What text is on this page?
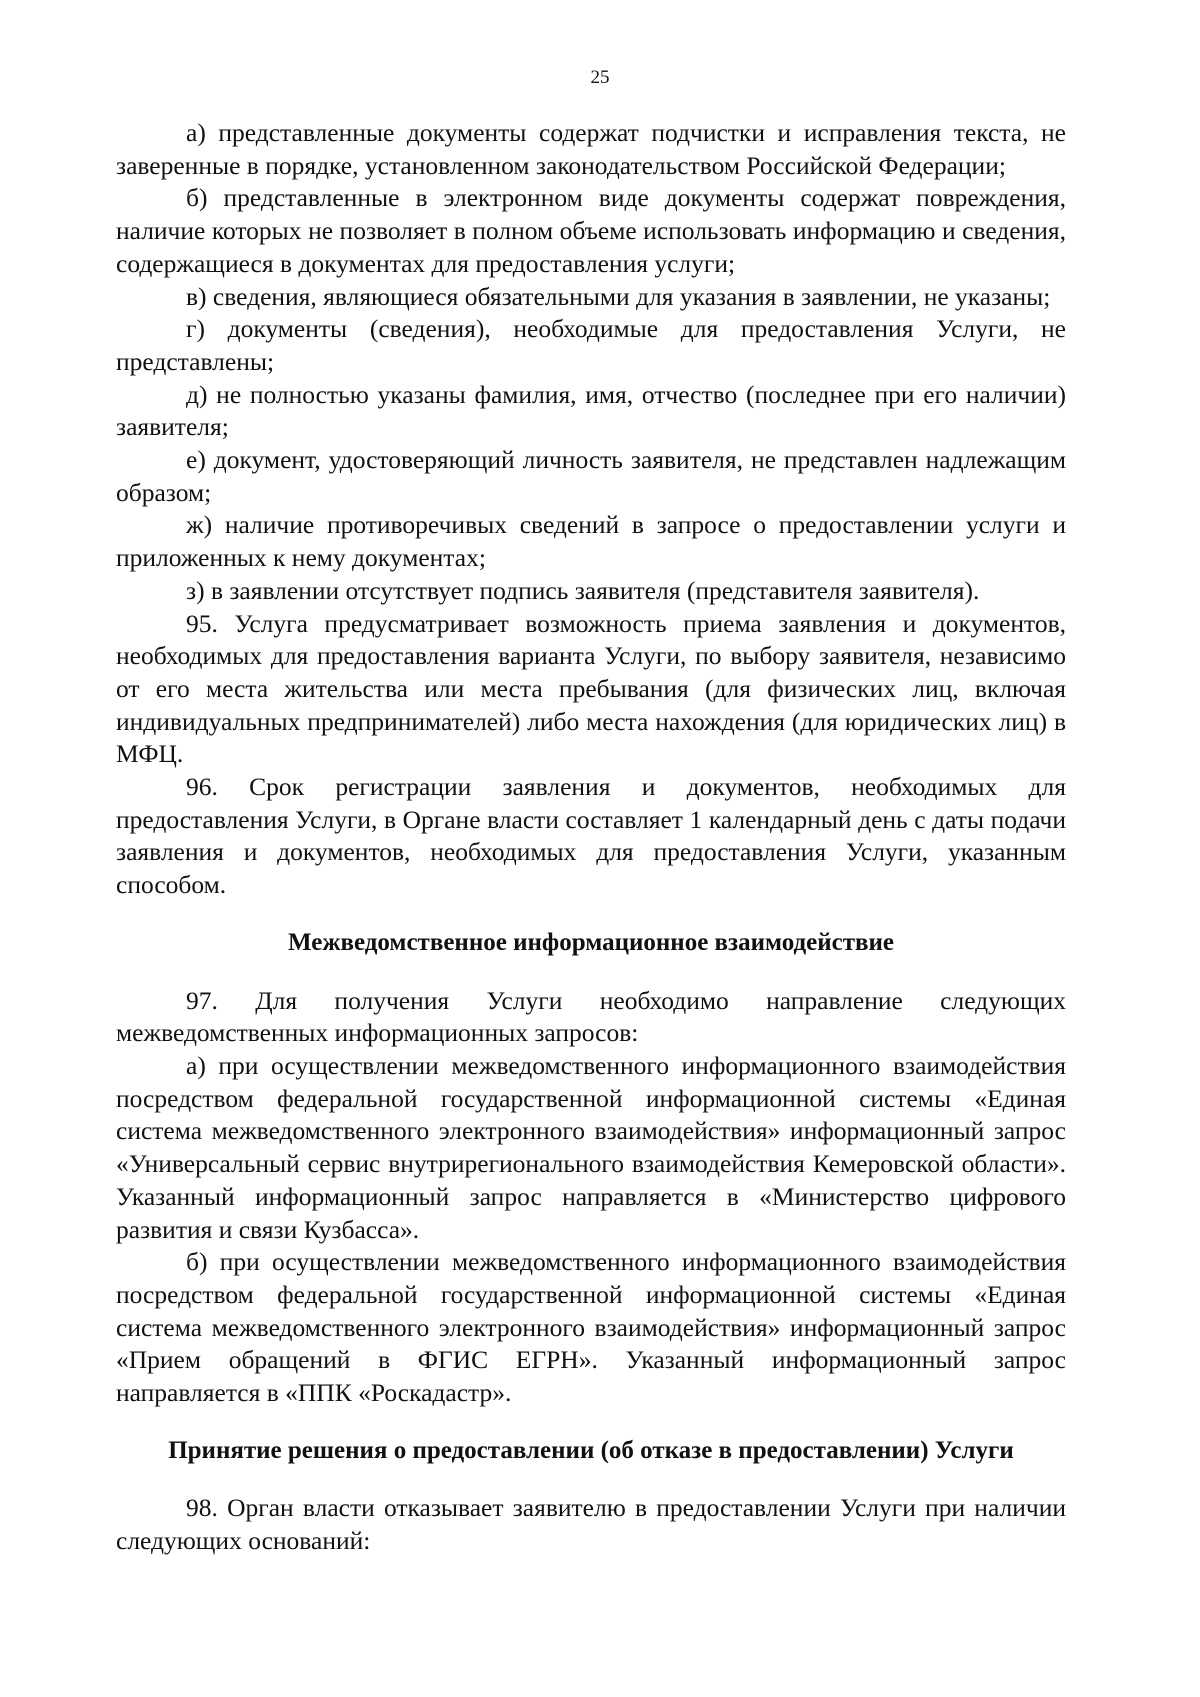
25

а) представленные документы содержат подчистки и исправления текста, не заверенные в порядке, установленном законодательством Российской Федерации;

б) представленные в электронном виде документы содержат повреждения, наличие которых не позволяет в полном объеме использовать информацию и сведения, содержащиеся в документах для предоставления услуги;

в) сведения, являющиеся обязательными для указания в заявлении, не указаны;

г) документы (сведения), необходимые для предоставления Услуги, не представлены;

д) не полностью указаны фамилия, имя, отчество (последнее при его наличии) заявителя;

е) документ, удостоверяющий личность заявителя, не представлен надлежащим образом;

ж) наличие противоречивых сведений в запросе о предоставлении услуги и приложенных к нему документах;

з) в заявлении отсутствует подпись заявителя (представителя заявителя).

95. Услуга предусматривает возможность приема заявления и документов, необходимых для предоставления варианта Услуги, по выбору заявителя, независимо от его места жительства или места пребывания (для физических лиц, включая индивидуальных предпринимателей) либо места нахождения (для юридических лиц) в МФЦ.

96. Срок регистрации заявления и документов, необходимых для предоставления Услуги, в Органе власти составляет 1 календарный день с даты подачи заявления и документов, необходимых для предоставления Услуги, указанным способом.

Межведомственное информационное взаимодействие

97. Для получения Услуги необходимо направление следующих межведомственных информационных запросов:

а) при осуществлении межведомственного информационного взаимодействия посредством федеральной государственной информационной системы «Единая система межведомственного электронного взаимодействия» информационный запрос «Универсальный сервис внутрирегионального взаимодействия Кемеровской области». Указанный информационный запрос направляется в «Министерство цифрового развития и связи Кузбасса».

б) при осуществлении межведомственного информационного взаимодействия посредством федеральной государственной информационной системы «Единая система межведомственного электронного взаимодействия» информационный запрос «Прием обращений в ФГИС ЕГРН». Указанный информационный запрос направляется в «ППК «Роскадастр».

Принятие решения о предоставлении (об отказе в предоставлении) Услуги

98. Орган власти отказывает заявителю в предоставлении Услуги при наличии следующих оснований:
